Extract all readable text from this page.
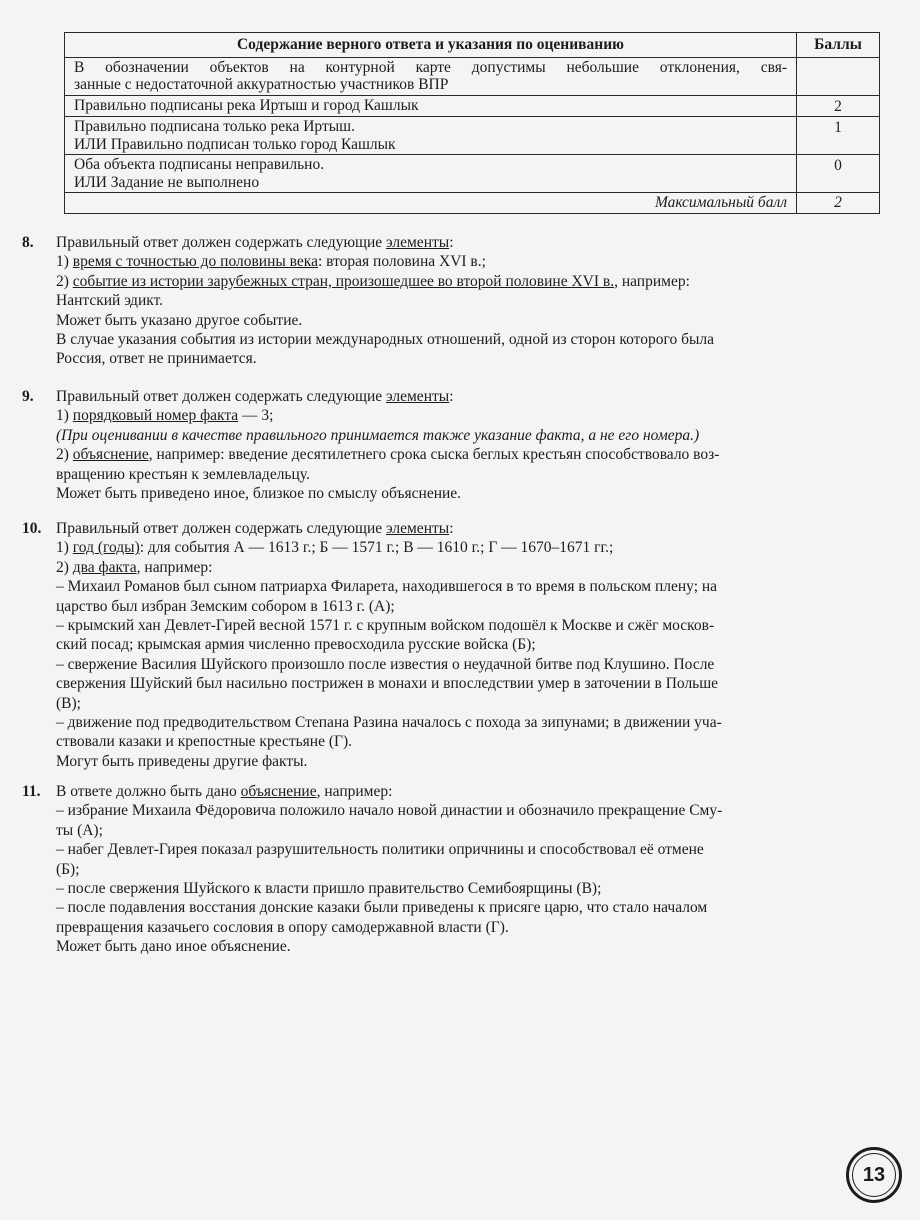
Содержание верного ответа и указания по оцениванию	Баллы

В обозначении объектов на контурной карте допустимы небольшие отклонения, свя-
занные с недостаточной аккуратностью участников ВПР	

Правильно подписаны река Иртыш и город Кашлык	2

Правильно подписана только река Иртыш.
ИЛИ Правильно подписан только город Кашлык	1

Оба объекта подписаны неправильно.
ИЛИ Задание не выполнено	0
Максимальный балл	2
8.	Правильный ответ должен содержать следующие элементы:
1) время с точностью до половины века: вторая половина XVI в.;
2) событие из истории зарубежных стран, произошедшее во второй половине XVI в., например:
Нантский эдикт.
Может быть указано другое событие.
В случае указания события из истории международных отношений, одной из сторон которого была
Россия, ответ не принимается.
9.	Правильный ответ должен содержать следующие элементы:
1) порядковый номер факта — 3;
(При оценивании в качестве правильного принимается также указание факта, а не его номера.)
2) объяснение, например: введение десятилетнего срока сыска беглых крестьян способствовало воз-
вращению крестьян к землевладельцу.
Может быть приведено иное, близкое по смыслу объяснение.
10. Правильный ответ должен содержать следующие элементы:
1) год (годы): для события А — 1613 г.; Б — 1571 г.; В — 1610 г.; Г — 1670–1671 гг.;
2) два факта, например:
– Михаил Романов был сыном патриарха Филарета, находившегося в то время в польском плену; на
царство был избран Земским собором в 1613 г. (А);
– крымский хан Девлет-Гирей весной 1571 г. с крупным войском подошёл к Москве и сжёг москов-
ский посад; крымская армия численно превосходила русские войска (Б);
– свержение Василия Шуйского произошло после известия о неудачной битве под Клушино. После
свержения Шуйский был насильно пострижен в монахи и впоследствии умер в заточении в Польше
(В);
– движение под предводительством Степана Разина началось с похода за зипунами; в движении уча-
ствовали казаки и крепостные крестьяне (Г).
Могут быть приведены другие факты.
11. В ответе должно быть дано объяснение, например:
– избрание Михаила Фёдоровича положило начало новой династии и обозначило прекращение Сму-
ты (А);
– набег Девлет-Гирея показал разрушительность политики опричнины и способствовал её отмене
(Б);
– после свержения Шуйского к власти пришло правительство Семибоярщины (В);
– после подавления восстания донские казаки были приведены к присяге царю, что стало началом
превращения казачьего сословия в опору самодержавной власти (Г).
Может быть дано иное объяснение.
13
